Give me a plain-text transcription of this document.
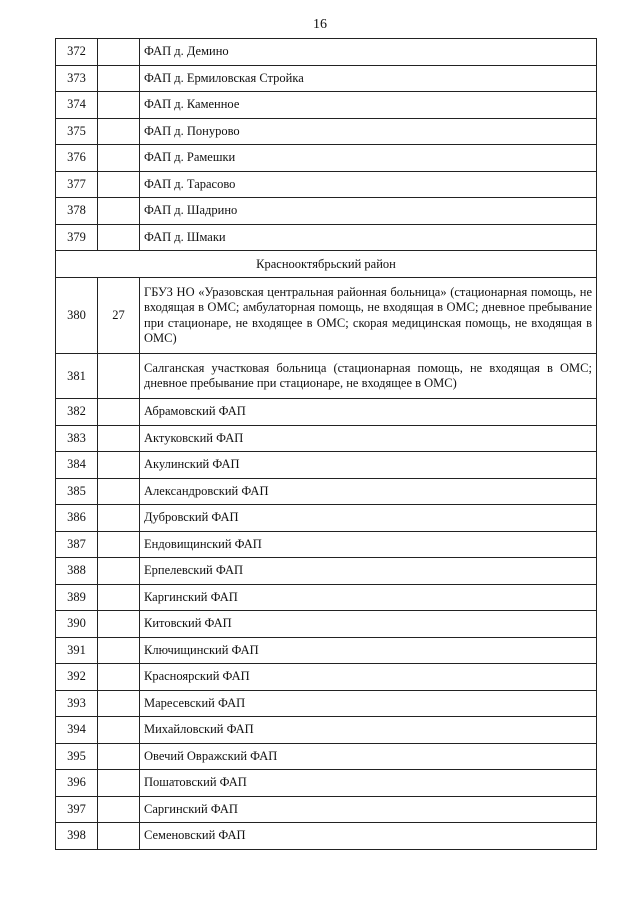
16
372		ФАП д. Демино
373		ФАП д. Ермиловская Стройка
374		ФАП д. Каменное
375		ФАП д. Понурово
376		ФАП д. Рамешки
377		ФАП д. Тарасово
378		ФАП д. Шадрино
379		ФАП д. Шмаки
Краснооктябрьский район		
380	27	ГБУЗ НО «Уразовская центральная районная больница» (стационарная помощь, не входящая в ОМС; амбулаторная помощь, не входящая в ОМС; дневное пребывание при стационаре, не входящее в ОМС; скорая медицинская помощь, не входящая в ОМС)
381		Салганская участковая больница (стационарная помощь, не входящая в ОМС; дневное пребывание при стационаре, не входящее в ОМС)
382		Абрамовский ФАП
383		Актуковский ФАП
384		Акулинский ФАП
385		Александровский ФАП
386		Дубровский ФАП
387		Ендовищинский ФАП
388		Ерпелевский ФАП
389		Каргинский ФАП
390		Китовский ФАП
391		Ключищинский ФАП
392		Красноярский ФАП
393		Маресевский ФАП
394		Михайловский ФАП
395		Овечий Овражский ФАП
396		Пошатовский ФАП
397		Саргинский ФАП
398		Семеновский ФАП
